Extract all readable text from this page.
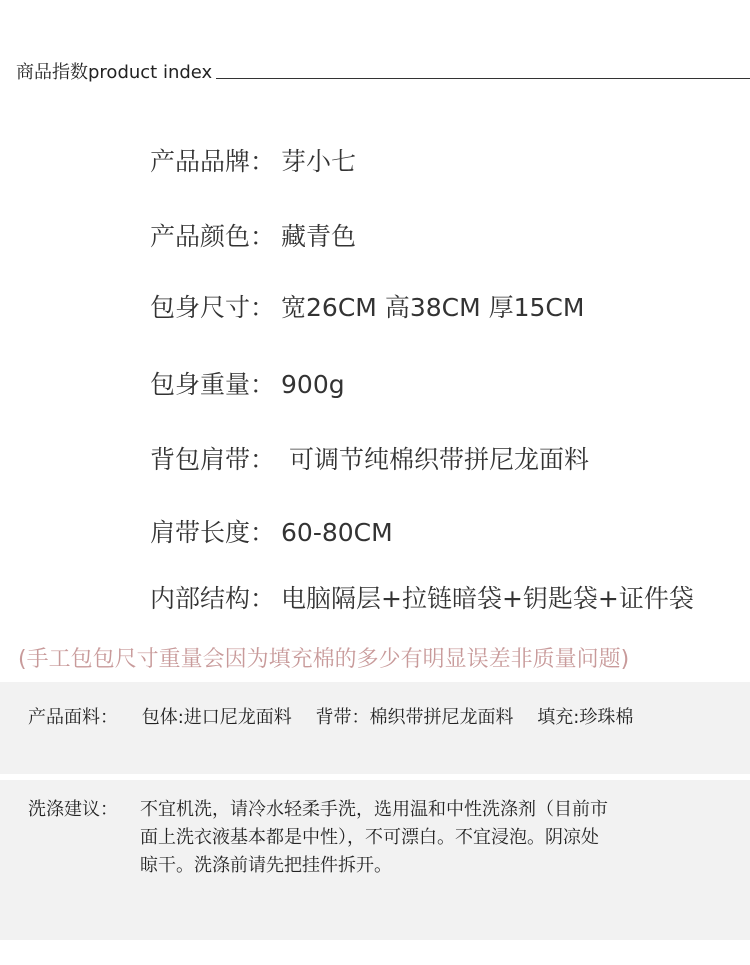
商品指数product index
产品品牌： 芽小七
产品颜色： 藏青色
包身尺寸： 宽26CM 高38CM 厚15CM
包身重量： 900g
背包肩带： 可调节纯棉织带拼尼龙面料
肩带长度： 60-80CM
内部结构： 电脑隔层+拉链暗袋+钥匙袋+证件袋
(手工包包尺寸重量会因为填充棉的多少有明显误差非质量问题)
产品面料： 包体:进口尼龙面料 背带：棉织带拼尼龙面料 填充:珍珠棉
洗涤建议： 不宜机洗，请冷水轻柔手洗，选用温和中性洗涤剂（目前市
面上洗衣液基本都是中性），不可漂白。不宜浸泡。阴凉处
晾干。洗涤前请先把挂件拆开。
